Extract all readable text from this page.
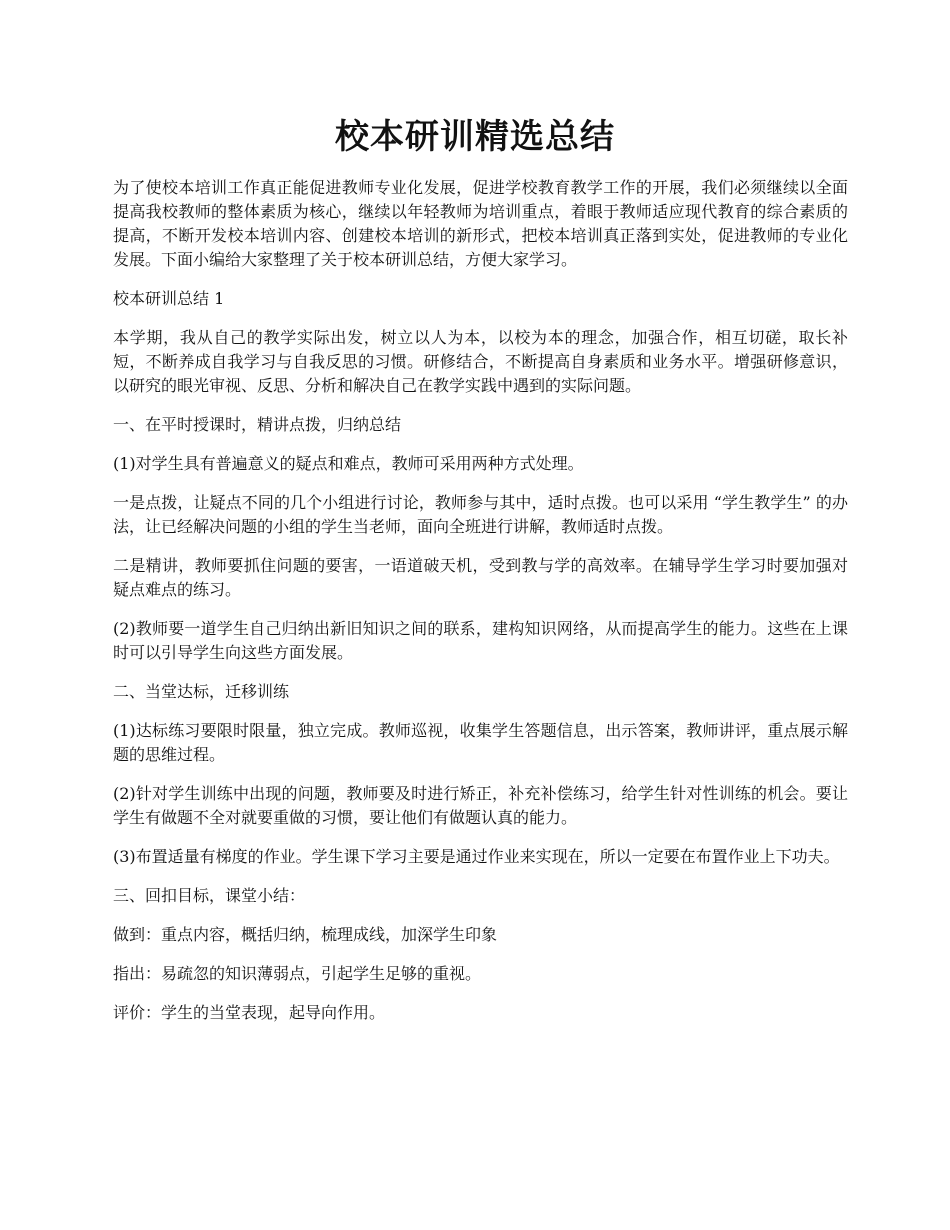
校本研训精选总结

为了使校本培训工作真正能促进教师专业化发展，促进学校教育教学工作的开展，我们必须继续以全面提高我校教师的整体素质为核心，继续以年轻教师为培训重点，着眼于教师适应现代教育的综合素质的提高，不断开发校本培训内容、创建校本培训的新形式，把校本培训真正落到实处，促进教师的专业化发展。下面小编给大家整理了关于校本研训总结，方便大家学习。

校本研训总结 1

本学期，我从自己的教学实际出发，树立以人为本，以校为本的理念，加强合作，相互切磋，取长补短，不断养成自我学习与自我反思的习惯。研修结合，不断提高自身素质和业务水平。增强研修意识，以研究的眼光审视、反思、分析和解决自己在教学实践中遇到的实际问题。

一、在平时授课时，精讲点拨，归纳总结

(1)对学生具有普遍意义的疑点和难点，教师可采用两种方式处理。

一是点拨，让疑点不同的几个小组进行讨论，教师参与其中，适时点拨。也可以采用 “学生教学生” 的办法，让已经解决问题的小组的学生当老师，面向全班进行讲解，教师适时点拨。

二是精讲，教师要抓住问题的要害，一语道破天机，受到教与学的高效率。在辅导学生学习时要加强对疑点难点的练习。

(2)教师要一道学生自己归纳出新旧知识之间的联系，建构知识网络，从而提高学生的能力。这些在上课时可以引导学生向这些方面发展。

二、当堂达标，迁移训练

(1)达标练习要限时限量，独立完成。教师巡视，收集学生答题信息，出示答案，教师讲评，重点展示解题的思维过程。

(2)针对学生训练中出现的问题，教师要及时进行矫正，补充补偿练习，给学生针对性训练的机会。要让学生有做题不全对就要重做的习惯，要让他们有做题认真的能力。

(3)布置适量有梯度的作业。学生课下学习主要是通过作业来实现在，所以一定要在布置作业上下功夫。

三、回扣目标，课堂小结：

做到：重点内容，概括归纳，梳理成线，加深学生印象

指出：易疏忽的知识薄弱点，引起学生足够的重视。

评价：学生的当堂表现，起导向作用。
